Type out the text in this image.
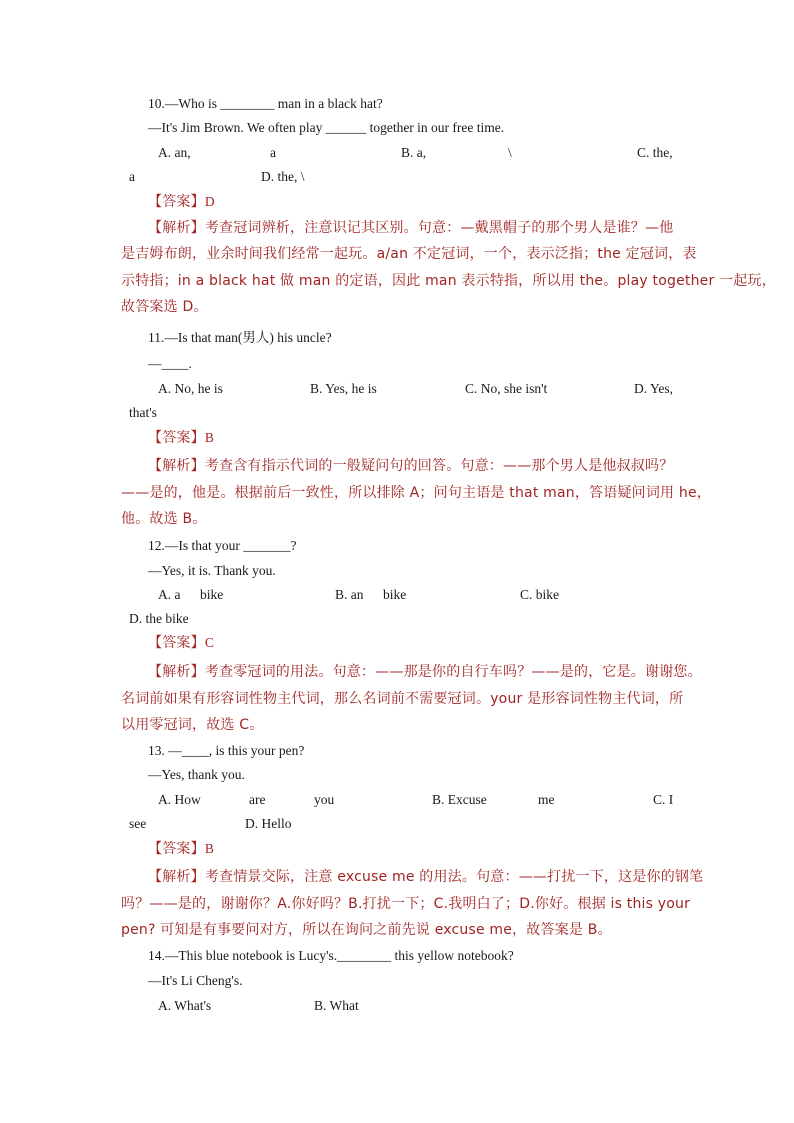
10.—Who is ________ man in a black hat?
—It's Jim Brown. We often play ______ together in our free time.
A. an,	a	B. a,	\	C. the,
a	D. the, \
【答案】D
【解析】考查冠词辨析，注意识记其区别。句意：—戴黑帽子的那个男人是谁？—他
是吉姆布朗，业余时间我们经常一起玩。a/an 不定冠词，一个，表示泛指；the 定冠词，表
示特指；in a black hat 做 man 的定语，因此 man 表示特指，所以用 the。play together 一起玩，
故答案选 D。
11.—Is that man(男人) his uncle?
—____.
A. No, he is	B. Yes, he is	C. No, she isn't	D. Yes,
that's
【答案】B
【解析】考查含有指示代词的一般疑问句的回答。句意：——那个男人是他叔叔吗？
——是的，他是。根据前后一致性，所以排除 A；问句主语是 that man，答语疑问词用 he，
他。故选 B。
12.—Is that your _______?
—Yes, it is. Thank you.
A. a bike	B. an bike	C. bike
D. the bike
【答案】C
【解析】考查零冠词的用法。句意：——那是你的自行车吗？——是的，它是。谢谢您。
名词前如果有形容词性物主代词，那么名词前不需要冠词。your 是形容词性物主代词，所
以用零冠词，故选 C。
13. —____, is this your pen?
—Yes, thank you.
A. How	are	you	B. Excuse	me	C. I
see	D. Hello
【答案】B
【解析】考查情景交际，注意 excuse me 的用法。句意：——打扰一下，这是你的钢笔
吗？——是的，谢谢你？A.你好吗？B.打扰一下；C.我明白了；D.你好。根据 is this your
pen? 可知是有事要问对方，所以在询问之前先说 excuse me，故答案是 B。
14.—This blue notebook is Lucy's.________ this yellow notebook?
—It's Li Cheng's.
A. What's	B. What
